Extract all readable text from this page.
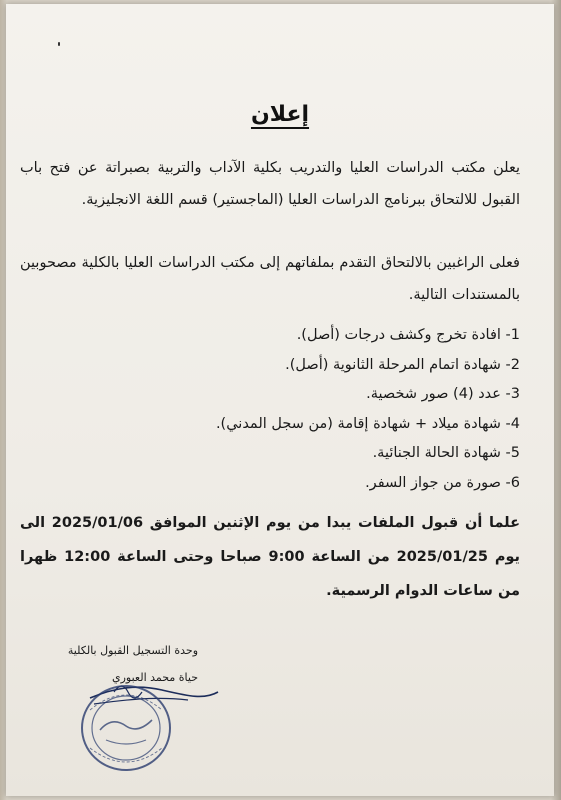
إعلان
يعلن مكتب الدراسات العليا والتدريب بكلية الآداب والتربية بصبراتة عن فتح باب القبول للالتحاق ببرنامج الدراسات العليا (الماجستير) قسم اللغة الانجليزية.
فعلى الراغبين بالالتحاق التقدم بملفاتهم إلى مكتب الدراسات العليا بالكلية مصحوبين بالمستندات التالية.
1- افادة تخرج وكشف درجات (أصل).
2- شهادة اتمام المرحلة الثانوية (أصل).
3- عدد (4) صور شخصية.
4- شهادة ميلاد + شهادة إقامة (من سجل المدني).
5- شهادة الحالة الجنائية.
6- صورة من جواز السفر.
علما أن قبول الملفات يبدا من يوم الإثنين الموافق 2025/01/06 الى يوم 2025/01/25 من الساعة 9:00 صباحا وحتى الساعة 12:00 ظهرا من ساعات الدوام الرسمية.
وحدة التسجيل القبول بالكلية
حياة محمد العبوري
